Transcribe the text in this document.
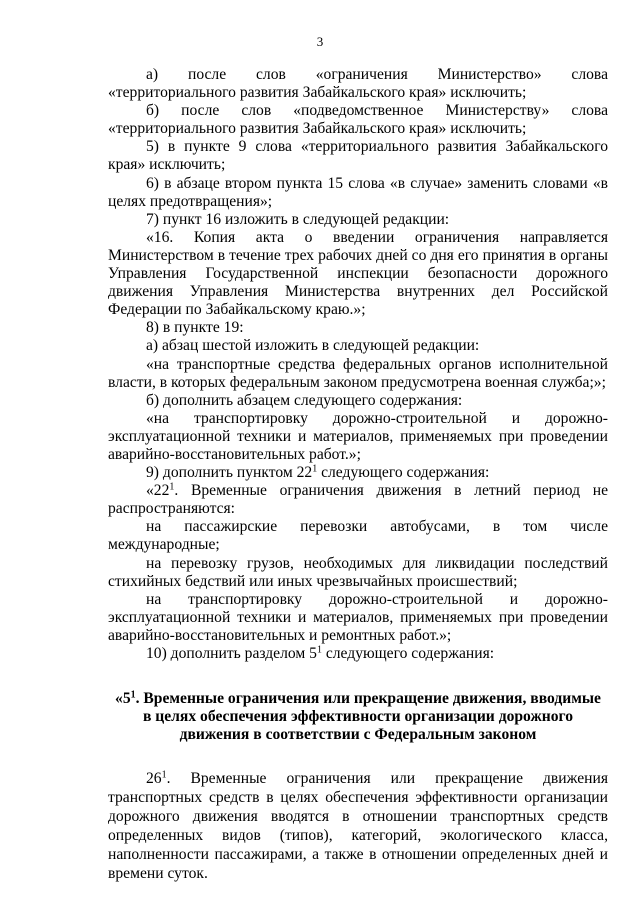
3

а) после слов «ограничения Министерство» слова «территориального развития Забайкальского края» исключить;

б) после слов «подведомственное Министерству» слова «территориального развития Забайкальского края» исключить;

5) в пункте 9 слова «территориального развития Забайкальского края» исключить;

6) в абзаце втором пункта 15 слова «в случае» заменить словами «в целях предотвращения»;

7) пункт 16 изложить в следующей редакции:

«16. Копия акта о введении ограничения направляется Министерством в течение трех рабочих дней со дня его принятия в органы Управления Государственной инспекции безопасности дорожного движения Управления Министерства внутренних дел Российской Федерации по Забайкальскому краю.»;

8) в пункте 19:

а) абзац шестой изложить в следующей редакции:

«на транспортные средства федеральных органов исполнительной власти, в которых федеральным законом предусмотрена военная служба;»;

б) дополнить абзацем следующего содержания:

«на транспортировку дорожно-строительной и дорожно-эксплуатационной техники и материалов, применяемых при проведении аварийно-восстановительных работ.»;

9) дополнить пунктом $22^1$ следующего содержания:

«$22^1$. Временные ограничения движения в летний период не распространяются:

на пассажирские перевозки автобусами, в том числе международные;

на перевозку грузов, необходимых для ликвидации последствий стихийных бедствий или иных чрезвычайных происшествий;

на транспортировку дорожно-строительной и дорожно-эксплуатационной техники и материалов, применяемых при проведении аварийно-восстановительных и ремонтных работ.»;

10) дополнить разделом $5^1$ следующего содержания:

«$5^1$. Временные ограничения или прекращение движения, вводимые в целях обеспечения эффективности организации дорожного движения в соответствии с Федеральным законом

$26^1$. Временные ограничения или прекращение движения транспортных средств в целях обеспечения эффективности организации дорожного движения вводятся в отношении транспортных средств определенных видов (типов), категорий, экологического класса, наполненности пассажирами, а также в отношении определенных дней и времени суток.
